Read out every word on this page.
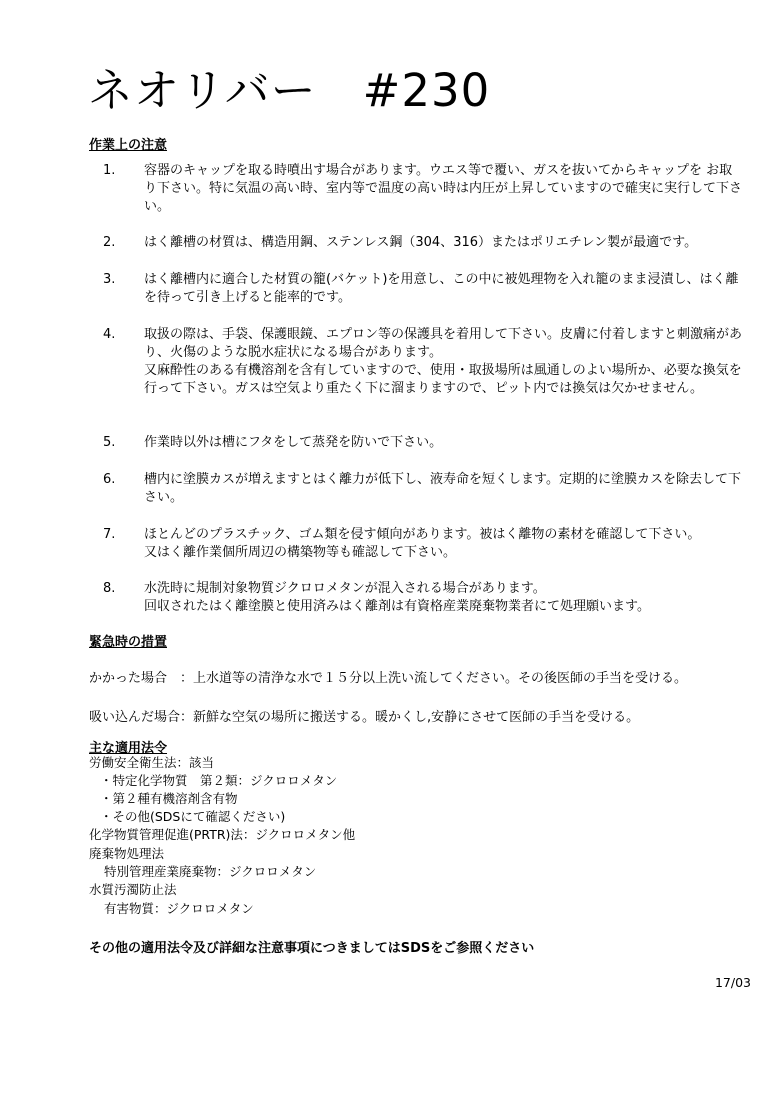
ネオリバー　#230
作業上の注意
1. 容器のキャップを取る時噴出す場合があります。ウエス等で覆い、ガスを抜いてからキャップを お取り下さい。特に気温の高い時、室内等で温度の高い時は内圧が上昇していますので確実に実行して下さい。

2. はく離槽の材質は、構造用鋼、ステンレス鋼（304、316）またはポリエチレン製が最適です。

3. はく離槽内に適合した材質の籠(バケット)を用意し、この中に被処理物を入れ籠のまま浸漬し、はく離を待って引き上げると能率的です。

4. 取扱の際は、手袋、保護眼鏡、エプロン等の保護具を着用して下さい。皮膚に付着しますと刺激痛があり、火傷のような脱水症状になる場合があります。

又麻酔性のある有機溶剤を含有していますので、使用・取扱場所は風通しのよい場所か、必要な換気を行って下さい。ガスは空気より重たく下に溜まりますので、ピット内では換気は欠かせません。

5. 作業時以外は槽にフタをして蒸発を防いで下さい。

6. 槽内に塗膜カスが増えますとはく離力が低下し、液寿命を短くします。定期的に塗膜カスを除去して下さい。

7. ほとんどのプラスチック、ゴム類を侵す傾向があります。被はく離物の素材を確認して下さい。

又はく離作業個所周辺の構築物等も確認して下さい。

8. 水洗時に規制対象物質ジクロロメタンが混入される場合があります。

回収されたはく離塗膜と使用済みはく離剤は有資格産業廃棄物業者にて処理願います。

緊急時の措置
かかった場合　：上水道等の清浄な水で１５分以上洗い流してください。その後医師の手当を受ける。
吸い込んだ場合：新鮮な空気の場所に搬送する。暖かくし,安静にさせて医師の手当を受ける。
主な適用法令
労働安全衛生法：該当
・特定化学物質　第２類：ジクロロメタン
・第２種有機溶剤含有物
・その他(SDSにて確認ください)
化学物質管理促進(PRTR)法：ジクロロメタン他
廃棄物処理法
特別管理産業廃棄物：ジクロロメタン
水質汚濁防止法
有害物質：ジクロロメタン
その他の適用法令及び詳細な注意事項につきましてはSDSをご参照ください
17/03
